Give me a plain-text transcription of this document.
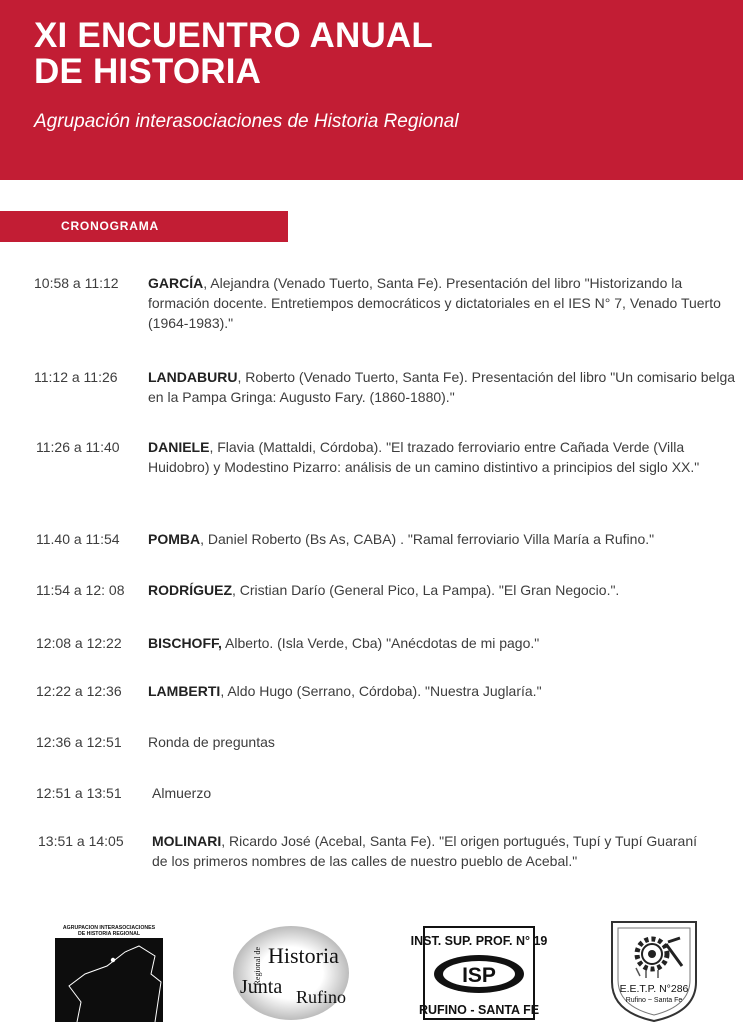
XI ENCUENTRO ANUAL
DE HISTORIA
Agrupación interasociaciones de Historia Regional
CRONOGRAMA
10:58 a 11:12 GARCÍA, Alejandra (Venado Tuerto, Santa Fe). Presentación del libro "Historizando la formación docente. Entretiempos democráticos y dictatoriales en el IES N° 7, Venado Tuerto (1964-1983)."
11:12 a 11:26 LANDABURU, Roberto (Venado Tuerto, Santa Fe). Presentación del libro "Un comisario belga en la Pampa Gringa: Augusto Fary. (1860-1880)."
11:26 a 11:40 DANIELE, Flavia (Mattaldi, Córdoba). "El trazado ferroviario entre Cañada Verde (Villa Huidobro) y Modestino Pizarro: análisis de un camino distintivo a principios del siglo XX."
11.40 a 11:54 POMBA, Daniel Roberto (Bs As, CABA) . "Ramal ferroviario Villa María a Rufino."
11:54 a 12: 08 RODRÍGUEZ, Cristian Darío (General Pico, La Pampa). "El Gran Negocio.".
12:08 a 12:22 BISCHOFF, Alberto. (Isla Verde, Cba) "Anécdotas de mi pago."
12:22 a 12:36 LAMBERTI, Aldo Hugo (Serrano, Córdoba). "Nuestra Juglaría."
12:36 a 12:51 Ronda de preguntas
12:51 a 13:51 Almuerzo
13:51 a 14:05 MOLINARI, Ricardo José (Acebal, Santa Fe). "El origen portugués, Tupí y Tupí Guaraní de los primeros nombres de las calles de nuestro pueblo de Acebal."
AGRUPACION INTERASOCIACIONES
DE HISTORIA REGIONAL
Regional de Historia
Junta Rufino
INST. SUP. PROF. N° 19
ISP
RUFINO - SANTA FE
E.E.T.P. N°286
Rufino ~ Santa Fe
